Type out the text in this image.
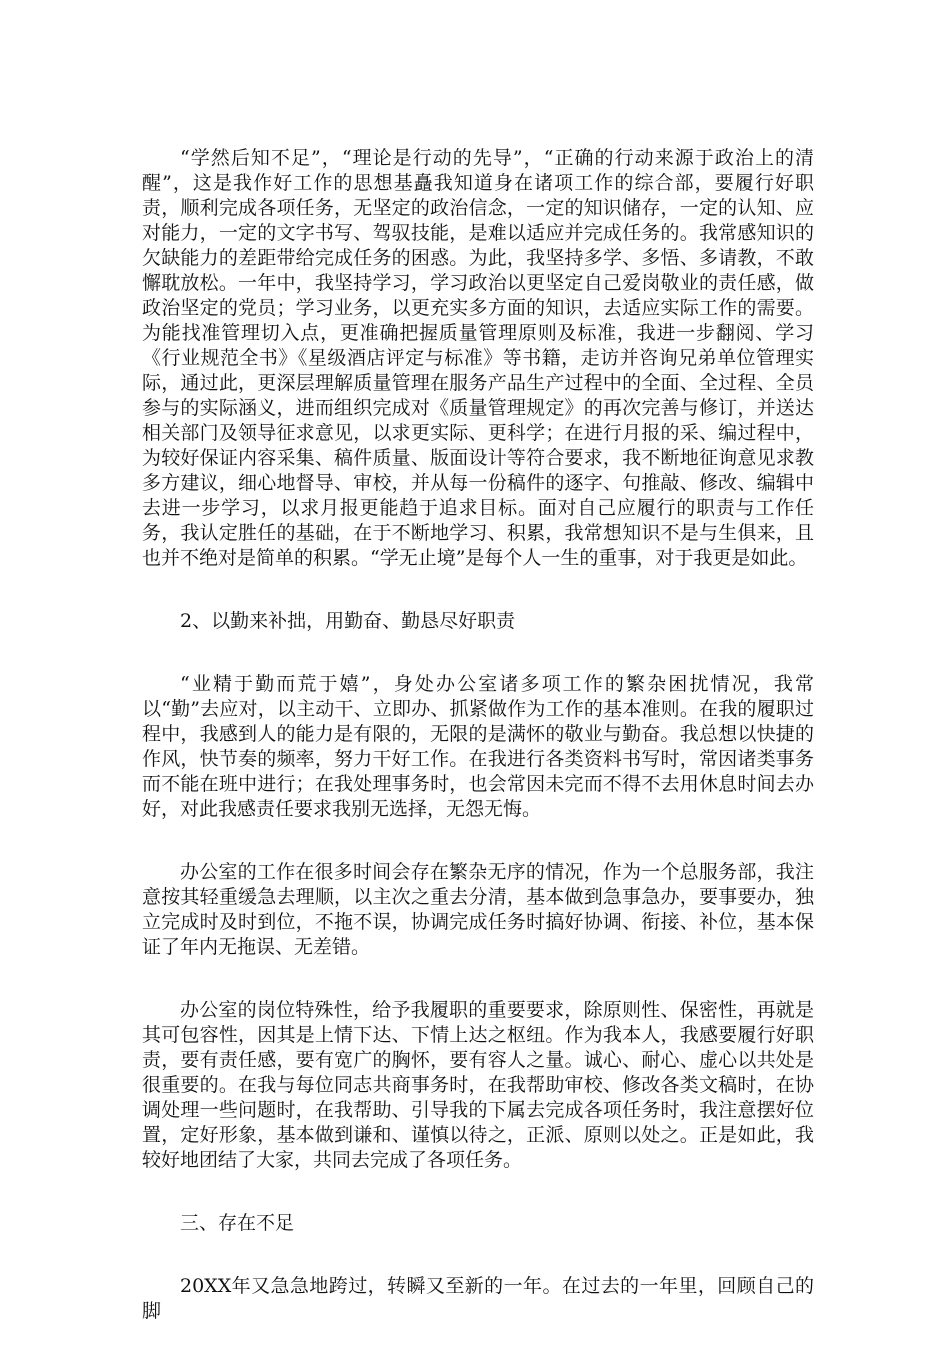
“学然后知不足”，“理论是行动的先导”，“正确的行动来源于政治上的清醒”，这是我作好工作的思想基矗我知道身在诸项工作的综合部，要履行好职责，顺利完成各项任务，无坚定的政治信念，一定的知识储存，一定的认知、应对能力，一定的文字书写、驾驭技能，是难以适应并完成任务的。我常感知识的欠缺能力的差距带给完成任务的困惑。为此，我坚持多学、多悟、多请教，不敢懈耽放松。一年中，我坚持学习，学习政治以更坚定自己爱岗敬业的责任感，做政治坚定的党员；学习业务，以更充实多方面的知识，去适应实际工作的需要。为能找准管理切入点，更准确把握质量管理原则及标准，我进一步翻阅、学习《行业规范全书》《星级酒店评定与标准》等书籍，走访并咨询兄弟单位管理实际，通过此，更深层理解质量管理在服务产品生产过程中的全面、全过程、全员参与的实际涵义，进而组织完成对《质量管理规定》的再次完善与修订，并送达相关部门及领导征求意见，以求更实际、更科学；在进行月报的采、编过程中，为较好保证内容采集、稿件质量、版面设计等符合要求，我不断地征询意见求教多方建议，细心地督导、审校，并从每一份稿件的逐字、句推敲、修改、编辑中去进一步学习，以求月报更能趋于追求目标。面对自己应履行的职责与工作任务，我认定胜任的基础，在于不断地学习、积累，我常想知识不是与生俱来，且也并不绝对是简单的积累。“学无止境”是每个人一生的重事，对于我更是如此。

2、以勤来补拙，用勤奋、勤恳尽好职责

“业精于勤而荒于嬉”，身处办公室诸多项工作的繁杂困扰情况，我常以“勤”去应对，以主动干、立即办、抓紧做作为工作的基本准则。在我的履职过程中，我感到人的能力是有限的，无限的是满怀的敬业与勤奋。我总想以快捷的作风，快节奏的频率，努力干好工作。在我进行各类资料书写时，常因诸类事务而不能在班中进行；在我处理事务时，也会常因未完而不得不去用休息时间去办好，对此我感责任要求我别无选择，无怨无悔。

办公室的工作在很多时间会存在繁杂无序的情况，作为一个总服务部，我注意按其轻重缓急去理顺，以主次之重去分清，基本做到急事急办，要事要办，独立完成时及时到位，不拖不误，协调完成任务时搞好协调、衔接、补位，基本保证了年内无拖误、无差错。

办公室的岗位特殊性，给予我履职的重要要求，除原则性、保密性，再就是其可包容性，因其是上情下达、下情上达之枢纽。作为我本人，我感要履行好职责，要有责任感，要有宽广的胸怀，要有容人之量。诚心、耐心、虚心以共处是很重要的。在我与每位同志共商事务时，在我帮助审校、修改各类文稿时，在协调处理一些问题时，在我帮助、引导我的下属去完成各项任务时，我注意摆好位置，定好形象，基本做到谦和、谨慎以待之，正派、原则以处之。正是如此，我较好地团结了大家，共同去完成了各项任务。

三、存在不足

20XX年又急急地跨过，转瞬又至新的一年。在过去的一年里，回顾自己的脚
